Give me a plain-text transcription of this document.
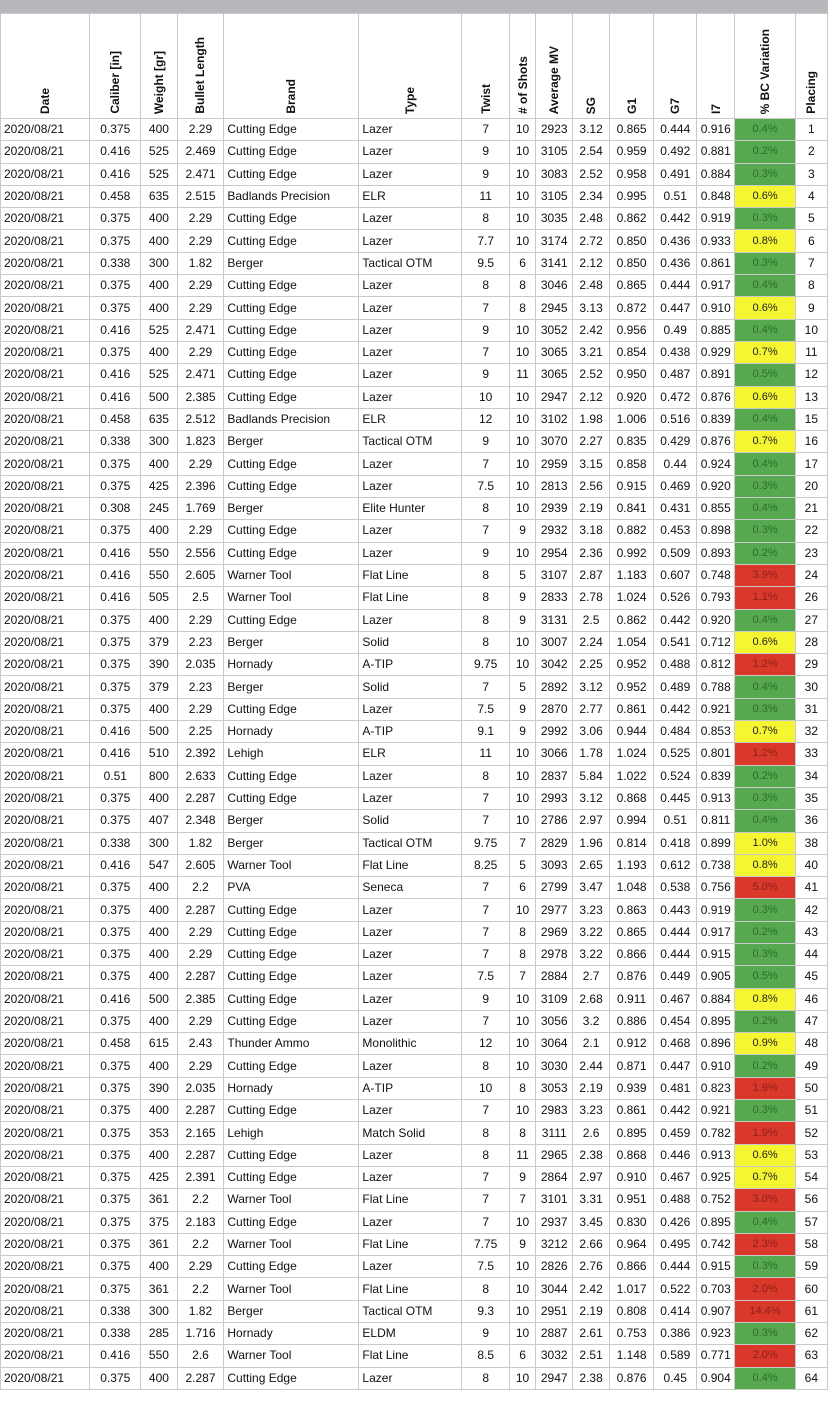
Date	Caliber [in]	Weight [gr]	Bullet Length	Brand	Type	Twist	# of Shots	Average MV	SG	G1	G7	I7	% BC Variation	Placing

2020/08/21	0.375	400	2.29	Cutting Edge	Lazer	7	10	2923	3.12	0.865	0.444	0.916	0.4%	1
2020/08/21	0.416	525	2.469	Cutting Edge	Lazer	9	10	3105	2.54	0.959	0.492	0.881	0.2%	2
2020/08/21	0.416	525	2.471	Cutting Edge	Lazer	9	10	3083	2.52	0.958	0.491	0.884	0.3%	3
2020/08/21	0.458	635	2.515	Badlands Precision	ELR	11	10	3105	2.34	0.995	0.51	0.848	0.6%	4
2020/08/21	0.375	400	2.29	Cutting Edge	Lazer	8	10	3035	2.48	0.862	0.442	0.919	0.3%	5
2020/08/21	0.375	400	2.29	Cutting Edge	Lazer	7.7	10	3174	2.72	0.850	0.436	0.933	0.8%	6
2020/08/21	0.338	300	1.82	Berger	Tactical OTM	9.5	6	3141	2.12	0.850	0.436	0.861	0.3%	7
2020/08/21	0.375	400	2.29	Cutting Edge	Lazer	8	8	3046	2.48	0.865	0.444	0.917	0.4%	8
2020/08/21	0.375	400	2.29	Cutting Edge	Lazer	7	8	2945	3.13	0.872	0.447	0.910	0.6%	9
2020/08/21	0.416	525	2.471	Cutting Edge	Lazer	9	10	3052	2.42	0.956	0.49	0.885	0.4%	10
2020/08/21	0.375	400	2.29	Cutting Edge	Lazer	7	10	3065	3.21	0.854	0.438	0.929	0.7%	11
2020/08/21	0.416	525	2.471	Cutting Edge	Lazer	9	11	3065	2.52	0.950	0.487	0.891	0.5%	12
2020/08/21	0.416	500	2.385	Cutting Edge	Lazer	10	10	2947	2.12	0.920	0.472	0.876	0.6%	13
2020/08/21	0.458	635	2.512	Badlands Precision	ELR	12	10	3102	1.98	1.006	0.516	0.839	0.4%	15
2020/08/21	0.338	300	1.823	Berger	Tactical OTM	9	10	3070	2.27	0.835	0.429	0.876	0.7%	16
2020/08/21	0.375	400	2.29	Cutting Edge	Lazer	7	10	2959	3.15	0.858	0.44	0.924	0.4%	17
2020/08/21	0.375	425	2.396	Cutting Edge	Lazer	7.5	10	2813	2.56	0.915	0.469	0.920	0.3%	20
2020/08/21	0.308	245	1.769	Berger	Elite Hunter	8	10	2939	2.19	0.841	0.431	0.855	0.4%	21
2020/08/21	0.375	400	2.29	Cutting Edge	Lazer	7	9	2932	3.18	0.882	0.453	0.898	0.3%	22
2020/08/21	0.416	550	2.556	Cutting Edge	Lazer	9	10	2954	2.36	0.992	0.509	0.893	0.2%	23
2020/08/21	0.416	550	2.605	Warner Tool	Flat Line	8	5	3107	2.87	1.183	0.607	0.748	3.9%	24
2020/08/21	0.416	505	2.5	Warner Tool	Flat Line	8	9	2833	2.78	1.024	0.526	0.793	1.1%	26
2020/08/21	0.375	400	2.29	Cutting Edge	Lazer	8	9	3131	2.5	0.862	0.442	0.920	0.4%	27
2020/08/21	0.375	379	2.23	Berger	Solid	8	10	3007	2.24	1.054	0.541	0.712	0.6%	28
2020/08/21	0.375	390	2.035	Hornady	A-TIP	9.75	10	3042	2.25	0.952	0.488	0.812	1.2%	29
2020/08/21	0.375	379	2.23	Berger	Solid	7	5	2892	3.12	0.952	0.489	0.788	0.4%	30
2020/08/21	0.375	400	2.29	Cutting Edge	Lazer	7.5	9	2870	2.77	0.861	0.442	0.921	0.3%	31
2020/08/21	0.416	500	2.25	Hornady	A-TIP	9.1	9	2992	3.06	0.944	0.484	0.853	0.7%	32
2020/08/21	0.416	510	2.392	Lehigh	ELR	11	10	3066	1.78	1.024	0.525	0.801	1.2%	33
2020/08/21	0.51	800	2.633	Cutting Edge	Lazer	8	10	2837	5.84	1.022	0.524	0.839	0.2%	34
2020/08/21	0.375	400	2.287	Cutting Edge	Lazer	7	10	2993	3.12	0.868	0.445	0.913	0.3%	35
2020/08/21	0.375	407	2.348	Berger	Solid	7	10	2786	2.97	0.994	0.51	0.811	0.4%	36
2020/08/21	0.338	300	1.82	Berger	Tactical OTM	9.75	7	2829	1.96	0.814	0.418	0.899	1.0%	38
2020/08/21	0.416	547	2.605	Warner Tool	Flat Line	8.25	5	3093	2.65	1.193	0.612	0.738	0.8%	40
2020/08/21	0.375	400	2.2	PVA	Seneca	7	6	2799	3.47	1.048	0.538	0.756	5.0%	41
2020/08/21	0.375	400	2.287	Cutting Edge	Lazer	7	10	2977	3.23	0.863	0.443	0.919	0.3%	42
2020/08/21	0.375	400	2.29	Cutting Edge	Lazer	7	8	2969	3.22	0.865	0.444	0.917	0.2%	43
2020/08/21	0.375	400	2.29	Cutting Edge	Lazer	7	8	2978	3.22	0.866	0.444	0.915	0.3%	44
2020/08/21	0.375	400	2.287	Cutting Edge	Lazer	7.5	7	2884	2.7	0.876	0.449	0.905	0.5%	45
2020/08/21	0.416	500	2.385	Cutting Edge	Lazer	9	10	3109	2.68	0.911	0.467	0.884	0.8%	46
2020/08/21	0.375	400	2.29	Cutting Edge	Lazer	7	10	3056	3.2	0.886	0.454	0.895	0.2%	47
2020/08/21	0.458	615	2.43	Thunder Ammo	Monolithic	12	10	3064	2.1	0.912	0.468	0.896	0.9%	48
2020/08/21	0.375	400	2.29	Cutting Edge	Lazer	8	10	3030	2.44	0.871	0.447	0.910	0.2%	49
2020/08/21	0.375	390	2.035	Hornady	A-TIP	10	8	3053	2.19	0.939	0.481	0.823	1.9%	50
2020/08/21	0.375	400	2.287	Cutting Edge	Lazer	7	10	2983	3.23	0.861	0.442	0.921	0.3%	51
2020/08/21	0.375	353	2.165	Lehigh	Match Solid	8	8	3111	2.6	0.895	0.459	0.782	1.9%	52
2020/08/21	0.375	400	2.287	Cutting Edge	Lazer	8	11	2965	2.38	0.868	0.446	0.913	0.6%	53
2020/08/21	0.375	425	2.391	Cutting Edge	Lazer	7	9	2864	2.97	0.910	0.467	0.925	0.7%	54
2020/08/21	0.375	361	2.2	Warner Tool	Flat Line	7	7	3101	3.31	0.951	0.488	0.752	3.0%	56
2020/08/21	0.375	375	2.183	Cutting Edge	Lazer	7	10	2937	3.45	0.830	0.426	0.895	0.4%	57
2020/08/21	0.375	361	2.2	Warner Tool	Flat Line	7.75	9	3212	2.66	0.964	0.495	0.742	2.3%	58
2020/08/21	0.375	400	2.29	Cutting Edge	Lazer	7.5	10	2826	2.76	0.866	0.444	0.915	0.3%	59
2020/08/21	0.375	361	2.2	Warner Tool	Flat Line	8	10	3044	2.42	1.017	0.522	0.703	2.0%	60
2020/08/21	0.338	300	1.82	Berger	Tactical OTM	9.3	10	2951	2.19	0.808	0.414	0.907	14.4%	61
2020/08/21	0.338	285	1.716	Hornady	ELDM	9	10	2887	2.61	0.753	0.386	0.923	0.3%	62
2020/08/21	0.416	550	2.6	Warner Tool	Flat Line	8.5	6	3032	2.51	1.148	0.589	0.771	2.0%	63
2020/08/21	0.375	400	2.287	Cutting Edge	Lazer	8	10	2947	2.38	0.876	0.45	0.904	0.4%	64
